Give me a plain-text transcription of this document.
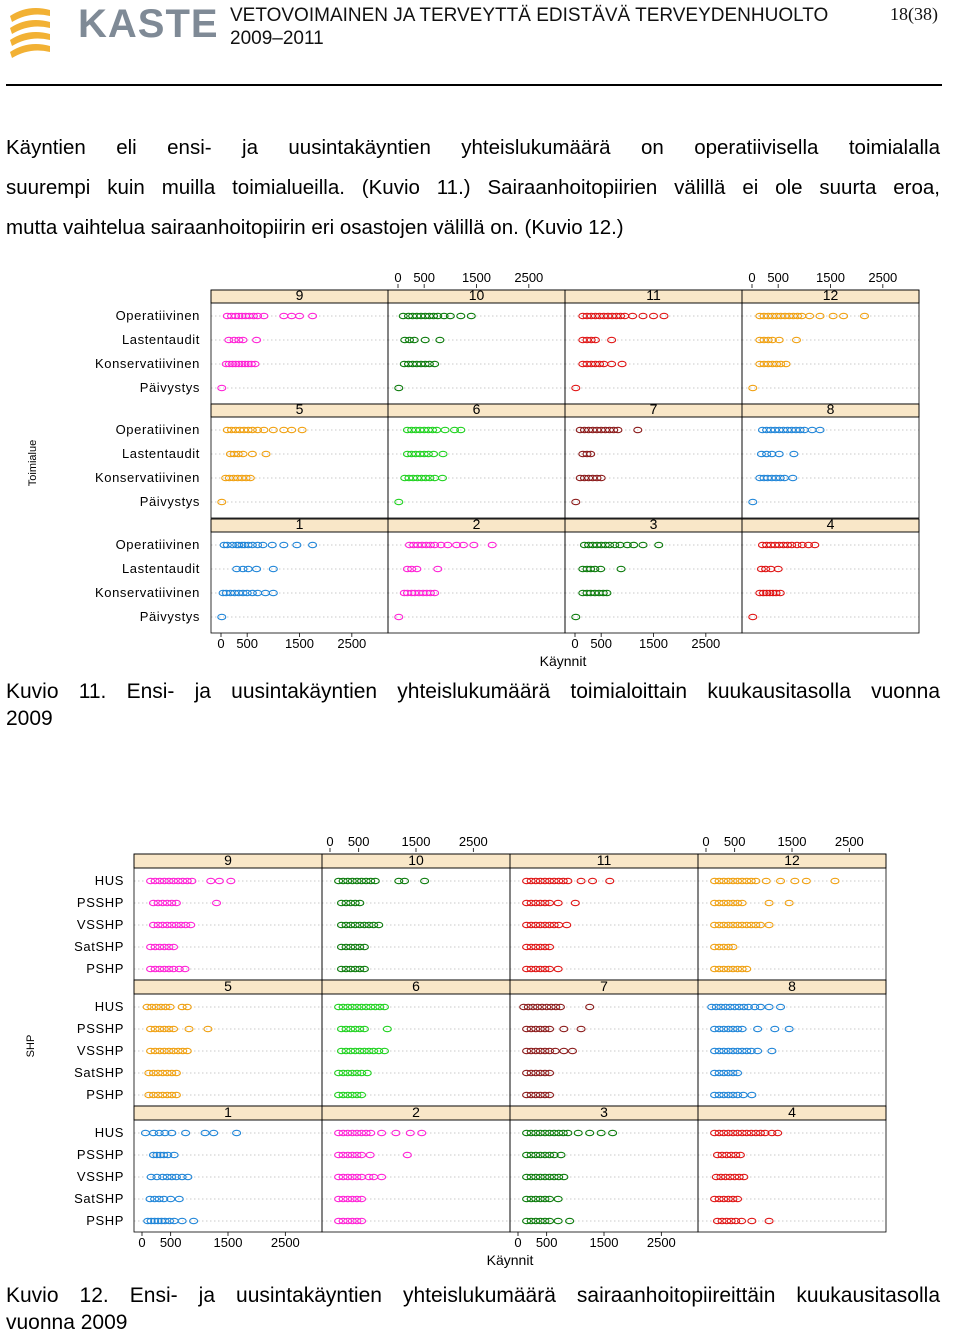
KASTE VETOVOIMAINEN JA TERVEYTTÄ EDISTÄVÄ TERVEYDENHUOLTO
2009–2011
18(38)
Käyntien eli ensi- ja uusintakäyntien yhteislukumäärä on operatiivisella toimialalla
suurempi kuin muilla toimialueilla. (Kuvio 11.) Sairaanhoitopiirien välillä ei ole suurta eroa,
mutta vaihtelua sairaanhoitopiirin eri osastojen välillä on. (Kuvio 12.)
Toimialue
Operatiivinen
Lastentaudit
Konservatiivinen
Päivystys
9	10	11	12
Operatiivinen
Lastentaudit
Konservatiivinen
Päivystys
5	6	7	8
Operatiivinen
Lastentaudit
Konservatiivinen
Päivystys
1	2	3	4
0 500 1500 2500	0 500 1500 2500
0 500 1500 2500	0 500 1500 2500
Käynnit
Kuvio 11. Ensi- ja uusintakäyntien yhteislukumäärä toimialoittain kuukausitasolla vuonna
2009
SHP
HUS
PSSHP
VSSHP
SatSHP
PSHP
9	10	11	12
HUS
PSSHP
VSSHP
SatSHP
PSHP
5	6	7	8
HUS
PSSHP
VSSHP
SatSHP
PSHP
1	2	3	4
0 500 1500 2500	0 500 1500 2500
0 500 1500 2500	0 500 1500 2500
Käynnit
Kuvio 12. Ensi- ja uusintakäyntien yhteislukumäärä sairaanhoitopiireittäin kuukausitasolla
vuonna 2009
